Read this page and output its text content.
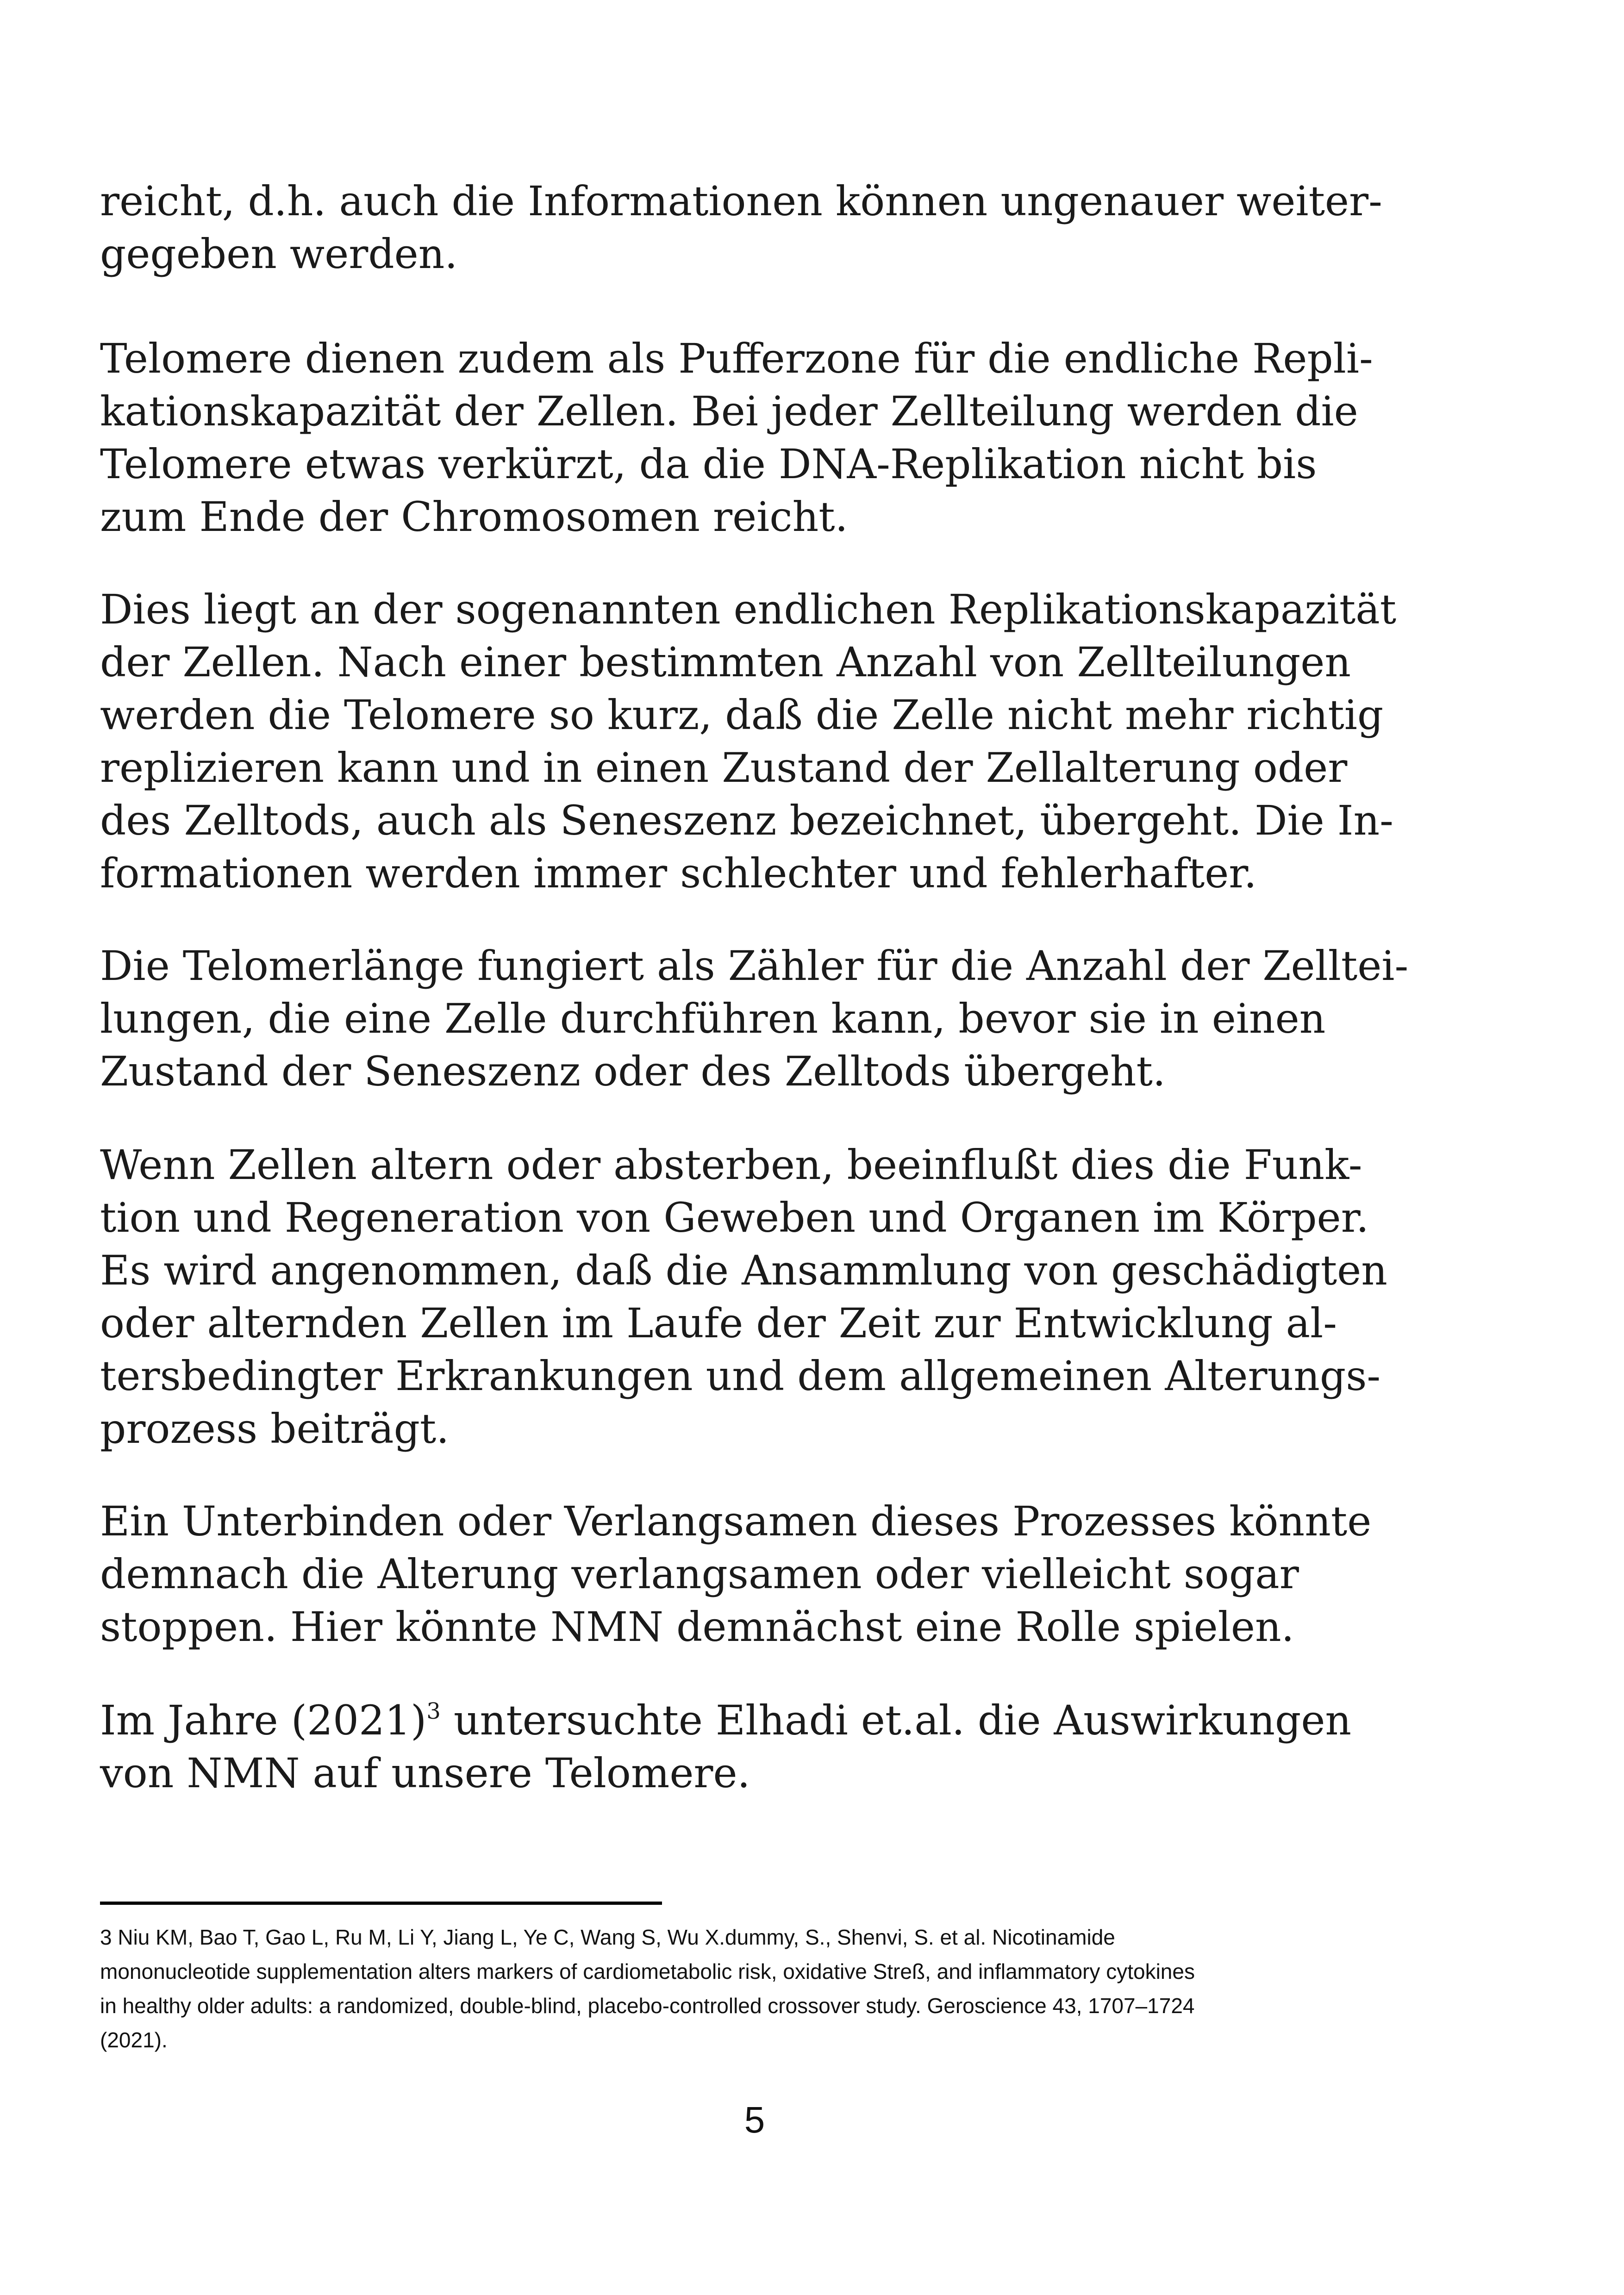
reicht, d.h. auch die Informationen können ungenauer weiter-
gegeben werden.

Telomere dienen zudem als Pufferzone für die endliche Repli-
kationskapazität der Zellen. Bei jeder Zellteilung werden die
Telomere etwas verkürzt, da die DNA-Replikation nicht bis
zum Ende der Chromosomen reicht.

Dies liegt an der sogenannten endlichen Replikationskapazität
der Zellen. Nach einer bestimmten Anzahl von Zellteilungen
werden die Telomere so kurz, daß die Zelle nicht mehr richtig
replizieren kann und in einen Zustand der Zellalterung oder
des Zelltods, auch als Seneszenz bezeichnet, übergeht. Die In-
formationen werden immer schlechter und fehlerhafter.

Die Telomerlänge fungiert als Zähler für die Anzahl der Zelltei-
lungen, die eine Zelle durchführen kann, bevor sie in einen
Zustand der Seneszenz oder des Zelltods übergeht.

Wenn Zellen altern oder absterben, beeinflußt dies die Funk-
tion und Regeneration von Geweben und Organen im Körper.
Es wird angenommen, daß die Ansammlung von geschädigten
oder alternden Zellen im Laufe der Zeit zur Entwicklung al-
tersbedingter Erkrankungen und dem allgemeinen Alterungs-
prozess beiträgt.

Ein Unterbinden oder Verlangsamen dieses Prozesses könnte
demnach die Alterung verlangsamen oder vielleicht sogar
stoppen. Hier könnte NMN demnächst eine Rolle spielen.

Im Jahre $(2021)^3$ untersuchte Elhadi et.al. die Auswirkungen
von NMN auf unsere Telomere.

3 Niu KM, Bao T, Gao L, Ru M, Li Y, Jiang L, Ye C, Wang S, Wu X.dummy, S., Shenvi, S. et al. Nicotinamide
mononucleotide supplementation alters markers of cardiometabolic risk, oxidative Streß, and inflammatory cytokines
in healthy older adults: a randomized, double-blind, placebo-controlled crossover study. Geroscience 43, 1707–1724
(2021).

5
